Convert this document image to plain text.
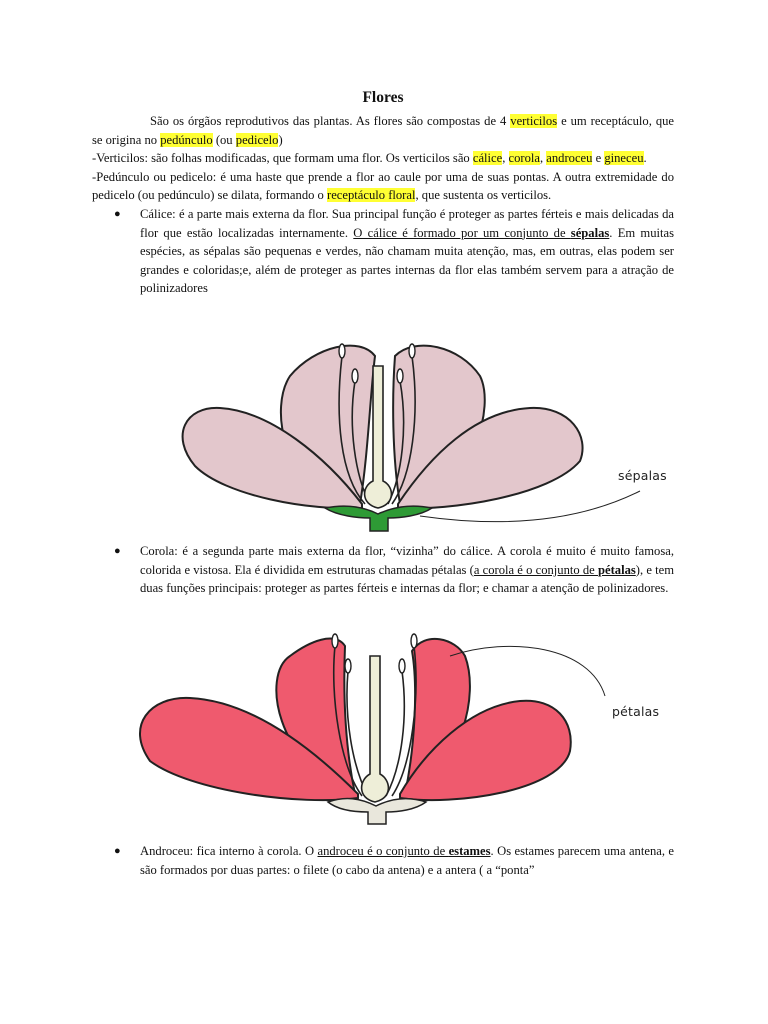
Flores

São os órgãos reprodutivos das plantas. As flores são compostas de 4 verticilos e um receptáculo, que se origina no pedúnculo (ou pedicelo)

-Verticilos: são folhas modificadas, que formam uma flor. Os verticilos são cálice, corola, androceu e gineceu.

-Pedúnculo ou pedicelo: é uma haste que prende a flor ao caule por uma de suas pontas. A outra extremidade do pedicelo (ou pedúnculo) se dilata, formando o receptáculo floral, que sustenta os verticilos.

● Cálice: é a parte mais externa da flor. Sua principal função é proteger as partes férteis e mais delicadas da flor que estão localizadas internamente. O cálice é formado por um conjunto de sépalas. Em muitas espécies, as sépalas são pequenas e verdes, não chamam muita atenção, mas, em outras, elas podem ser grandes e coloridas;e, além de proteger as partes internas da flor elas também servem para a atração de polinizadores
sépalas
● Corola: é a segunda parte mais externa da flor, “vizinha” do cálice. A corola é muito é muito famosa, colorida e vistosa. Ela é dividida em estruturas chamadas pétalas (a corola é o conjunto de pétalas), e tem duas funções principais: proteger as partes férteis e internas da flor; e chamar a atenção de polinizadores.
pétalas
● Androceu: fica interno à corola. O androceu é o conjunto de estames. Os estames parecem uma antena, e são formados por duas partes: o filete (o cabo da antena) e a antera ( a “ponta”
